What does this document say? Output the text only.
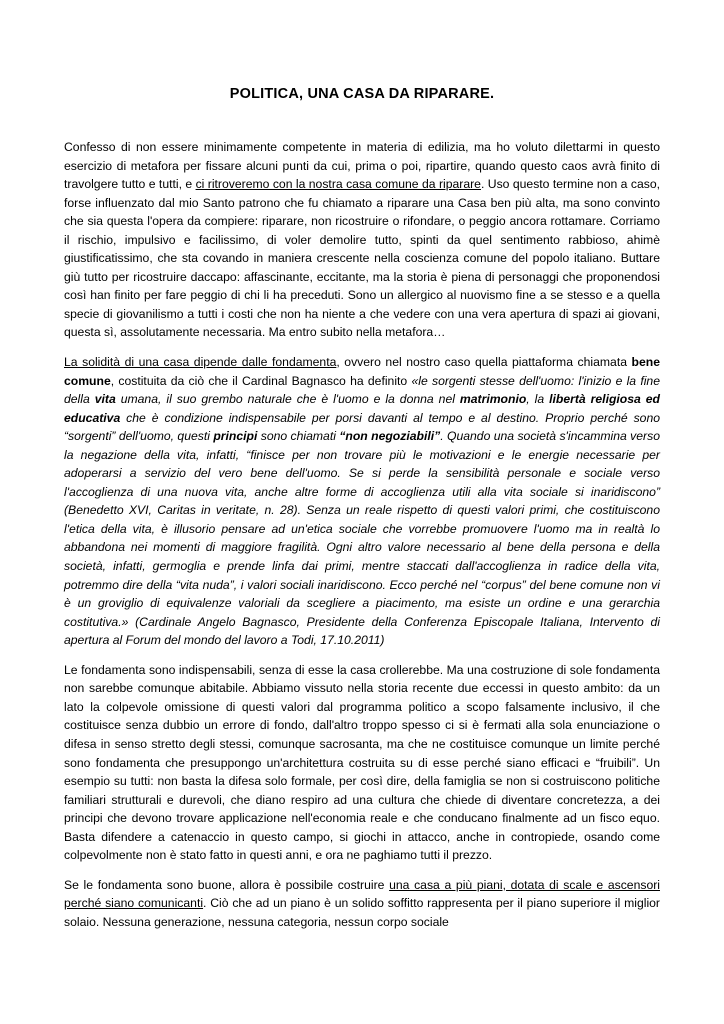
POLITICA, UNA CASA DA RIPARARE.

Confesso di non essere minimamente competente in materia di edilizia, ma ho voluto dilettarmi in questo esercizio di metafora per fissare alcuni punti da cui, prima o poi, ripartire, quando questo caos avrà finito di travolgere tutto e tutti, e ci ritroveremo con la nostra casa comune da riparare. Uso questo termine non a caso, forse influenzato dal mio Santo patrono che fu chiamato a riparare una Casa ben più alta, ma sono convinto che sia questa l'opera da compiere: riparare, non ricostruire o rifondare, o peggio ancora rottamare. Corriamo il rischio, impulsivo e facilissimo, di voler demolire tutto, spinti da quel sentimento rabbioso, ahimè giustificatissimo, che sta covando in maniera crescente nella coscienza comune del popolo italiano. Buttare giù tutto per ricostruire daccapo: affascinante, eccitante, ma la storia è piena di personaggi che proponendosi così han finito per fare peggio di chi li ha preceduti. Sono un allergico al nuovismo fine a se stesso e a quella specie di giovanilismo a tutti i costi che non ha niente a che vedere con una vera apertura di spazi ai giovani, questa sì, assolutamente necessaria. Ma entro subito nella metafora…

La solidità di una casa dipende dalle fondamenta, ovvero nel nostro caso quella piattaforma chiamata bene comune, costituita da ciò che il Cardinal Bagnasco ha definito «le sorgenti stesse dell'uomo: l'inizio e la fine della vita umana, il suo grembo naturale che è l'uomo e la donna nel matrimonio, la libertà religiosa ed educativa che è condizione indispensabile per porsi davanti al tempo e al destino. Proprio perché sono “sorgenti” dell'uomo, questi principi sono chiamati “non negoziabili”. Quando una società s'incammina verso la negazione della vita, infatti, “finisce per non trovare più le motivazioni e le energie necessarie per adoperarsi a servizio del vero bene dell'uomo. Se si perde la sensibilità personale e sociale verso l'accoglienza di una nuova vita, anche altre forme di accoglienza utili alla vita sociale si inaridiscono” (Benedetto XVI, Caritas in veritate, n. 28). Senza un reale rispetto di questi valori primi, che costituiscono l'etica della vita, è illusorio pensare ad un'etica sociale che vorrebbe promuovere l'uomo ma in realtà lo abbandona nei momenti di maggiore fragilità. Ogni altro valore necessario al bene della persona e della società, infatti, germoglia e prende linfa dai primi, mentre staccati dall'accoglienza in radice della vita, potremmo dire della “vita nuda”, i valori sociali inaridiscono. Ecco perché nel “corpus” del bene comune non vi è un groviglio di equivalenze valoriali da scegliere a piacimento, ma esiste un ordine e una gerarchia costitutiva.» (Cardinale Angelo Bagnasco, Presidente della Conferenza Episcopale Italiana, Intervento di apertura al Forum del mondo del lavoro a Todi, 17.10.2011)

Le fondamenta sono indispensabili, senza di esse la casa crollerebbe. Ma una costruzione di sole fondamenta non sarebbe comunque abitabile. Abbiamo vissuto nella storia recente due eccessi in questo ambito: da un lato la colpevole omissione di questi valori dal programma politico a scopo falsamente inclusivo, il che costituisce senza dubbio un errore di fondo, dall'altro troppo spesso ci si è fermati alla sola enunciazione o difesa in senso stretto degli stessi, comunque sacrosanta, ma che ne costituisce comunque un limite perché sono fondamenta che presuppongo un'architettura costruita su di esse perché siano efficaci e “fruibili”. Un esempio su tutti: non basta la difesa solo formale, per così dire, della famiglia se non si costruiscono politiche familiari strutturali e durevoli, che diano respiro ad una cultura che chiede di diventare concretezza, a dei principi che devono trovare applicazione nell'economia reale e che conducano finalmente ad un fisco equo. Basta difendere a catenaccio in questo campo, si giochi in attacco, anche in contropiede, osando come colpevolmente non è stato fatto in questi anni, e ora ne paghiamo tutti il prezzo.

Se le fondamenta sono buone, allora è possibile costruire una casa a più piani, dotata di scale e ascensori perché siano comunicanti. Ciò che ad un piano è un solido soffitto rappresenta per il piano superiore il miglior solaio. Nessuna generazione, nessuna categoria, nessun corpo sociale
